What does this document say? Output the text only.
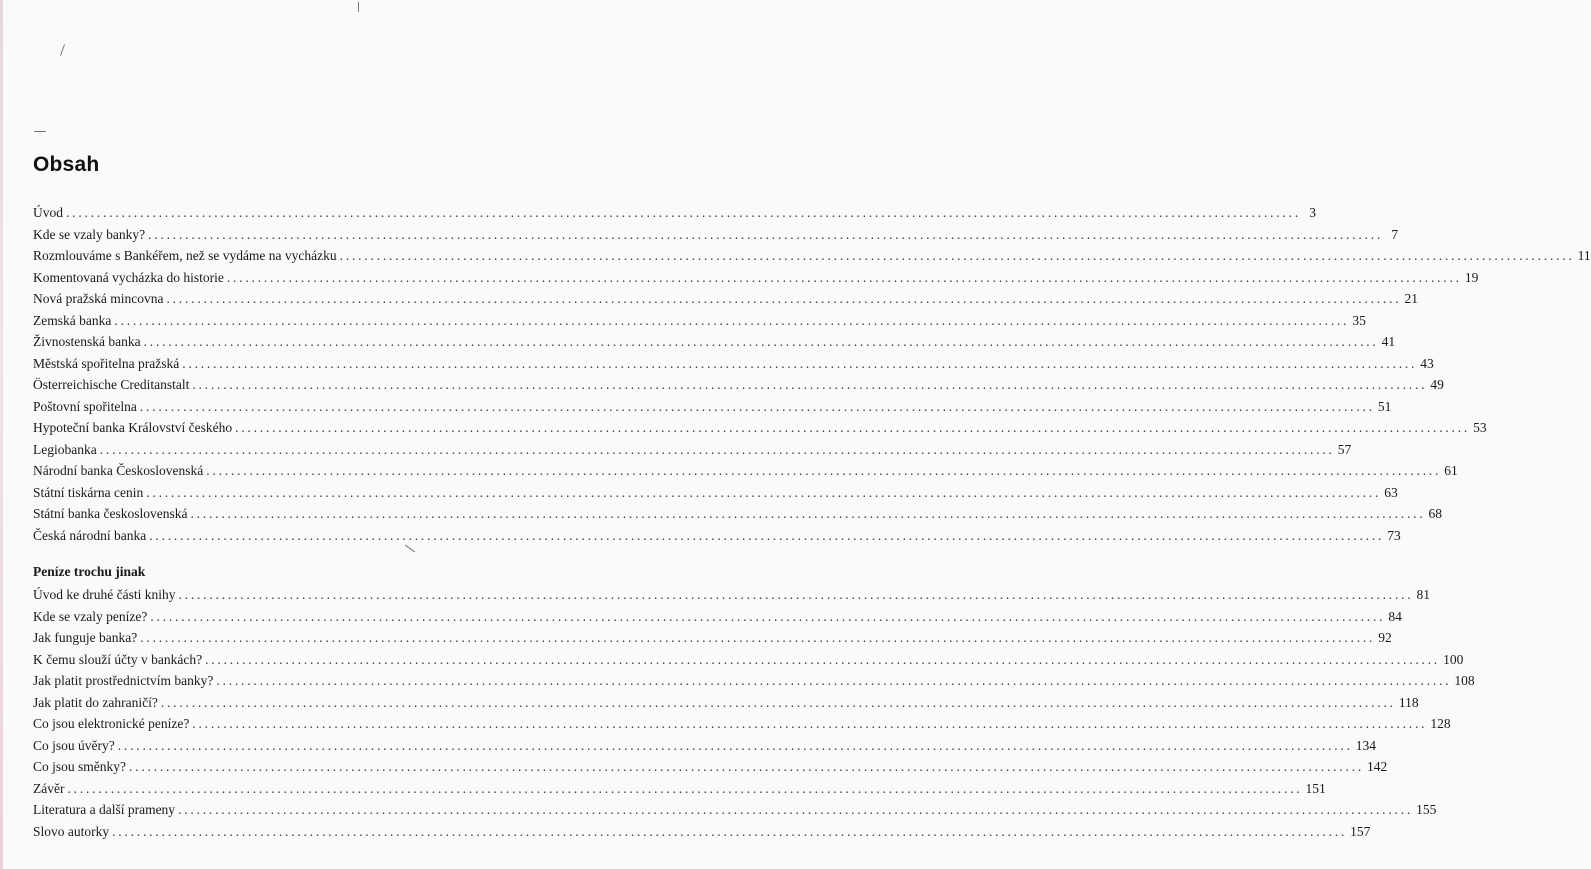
Obsah
Úvod ........................................................................................................................................................................................................ 3
Kde se vzaly banky? ........................................................................................................................................................................................................ 7
Rozmlouváme s Bankéřem, než se vydáme na vycházku ........................................................................................................................................................................................................ 11
Komentovaná vycházka do historie ........................................................................................................................................................................................................ 19
Nová pražská mincovna ........................................................................................................................................................................................................ 21
Zemská banka ........................................................................................................................................................................................................ 35
Živnostenská banka ........................................................................................................................................................................................................ 41
Městská spořitelna pražská ........................................................................................................................................................................................................ 43
Österreichische Creditanstalt ........................................................................................................................................................................................................ 49
Poštovní spořitelna ........................................................................................................................................................................................................ 51
Hypoteční banka Království českého ........................................................................................................................................................................................................ 53
Legiobanka ........................................................................................................................................................................................................ 57
Národní banka Československá ........................................................................................................................................................................................................ 61
Státní tiskárna cenin ........................................................................................................................................................................................................ 63
Státní banka československá ........................................................................................................................................................................................................ 68
Česká národní banka ........................................................................................................................................................................................................ 73
Peníze trochu jinak
Úvod ke druhé části knihy ........................................................................................................................................................................................................ 81
Kde se vzaly peníze? ........................................................................................................................................................................................................ 84
Jak funguje banka? ........................................................................................................................................................................................................ 92
K čemu slouží účty v bankách? ........................................................................................................................................................................................................ 100
Jak platit prostřednictvím banky? ........................................................................................................................................................................................................ 108
Jak platit do zahraničí? ........................................................................................................................................................................................................ 118
Co jsou elektronické peníze? ........................................................................................................................................................................................................ 128
Co jsou úvěry? ........................................................................................................................................................................................................ 134
Co jsou směnky? ........................................................................................................................................................................................................ 142
Závěr ........................................................................................................................................................................................................ 151
Literatura a další prameny ........................................................................................................................................................................................................ 155
Slovo autorky ........................................................................................................................................................................................................ 157
